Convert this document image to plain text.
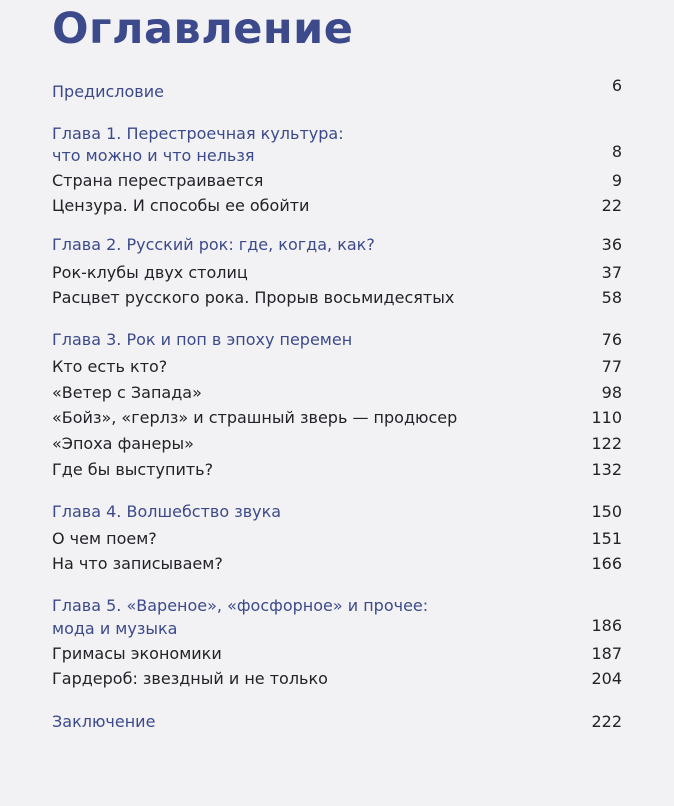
Оглавление
Предисловие	6
Глава 1. Перестроечная культура:
что можно и что нельзя	8
Страна перестраивается	9
Цензура. И способы ее обойти	22
Глава 2. Русский рок: где, когда, как?	36
Рок-клубы двух столиц	37
Расцвет русского рока. Прорыв восьмидесятых	58
Глава 3. Рок и поп в эпоху перемен	76
Кто есть кто?	77
«Ветер с Запада»	98
«Бойз», «герлз» и страшный зверь — продюсер	110
«Эпоха фанеры»	122
Где бы выступить?	132
Глава 4. Волшебство звука	150
О чем поем?	151
На что записываем?	166
Глава 5. «Вареное», «фосфорное» и прочее:
мода и музыка	186
Гримасы экономики	187
Гардероб: звездный и не только	204
Заключение	222
